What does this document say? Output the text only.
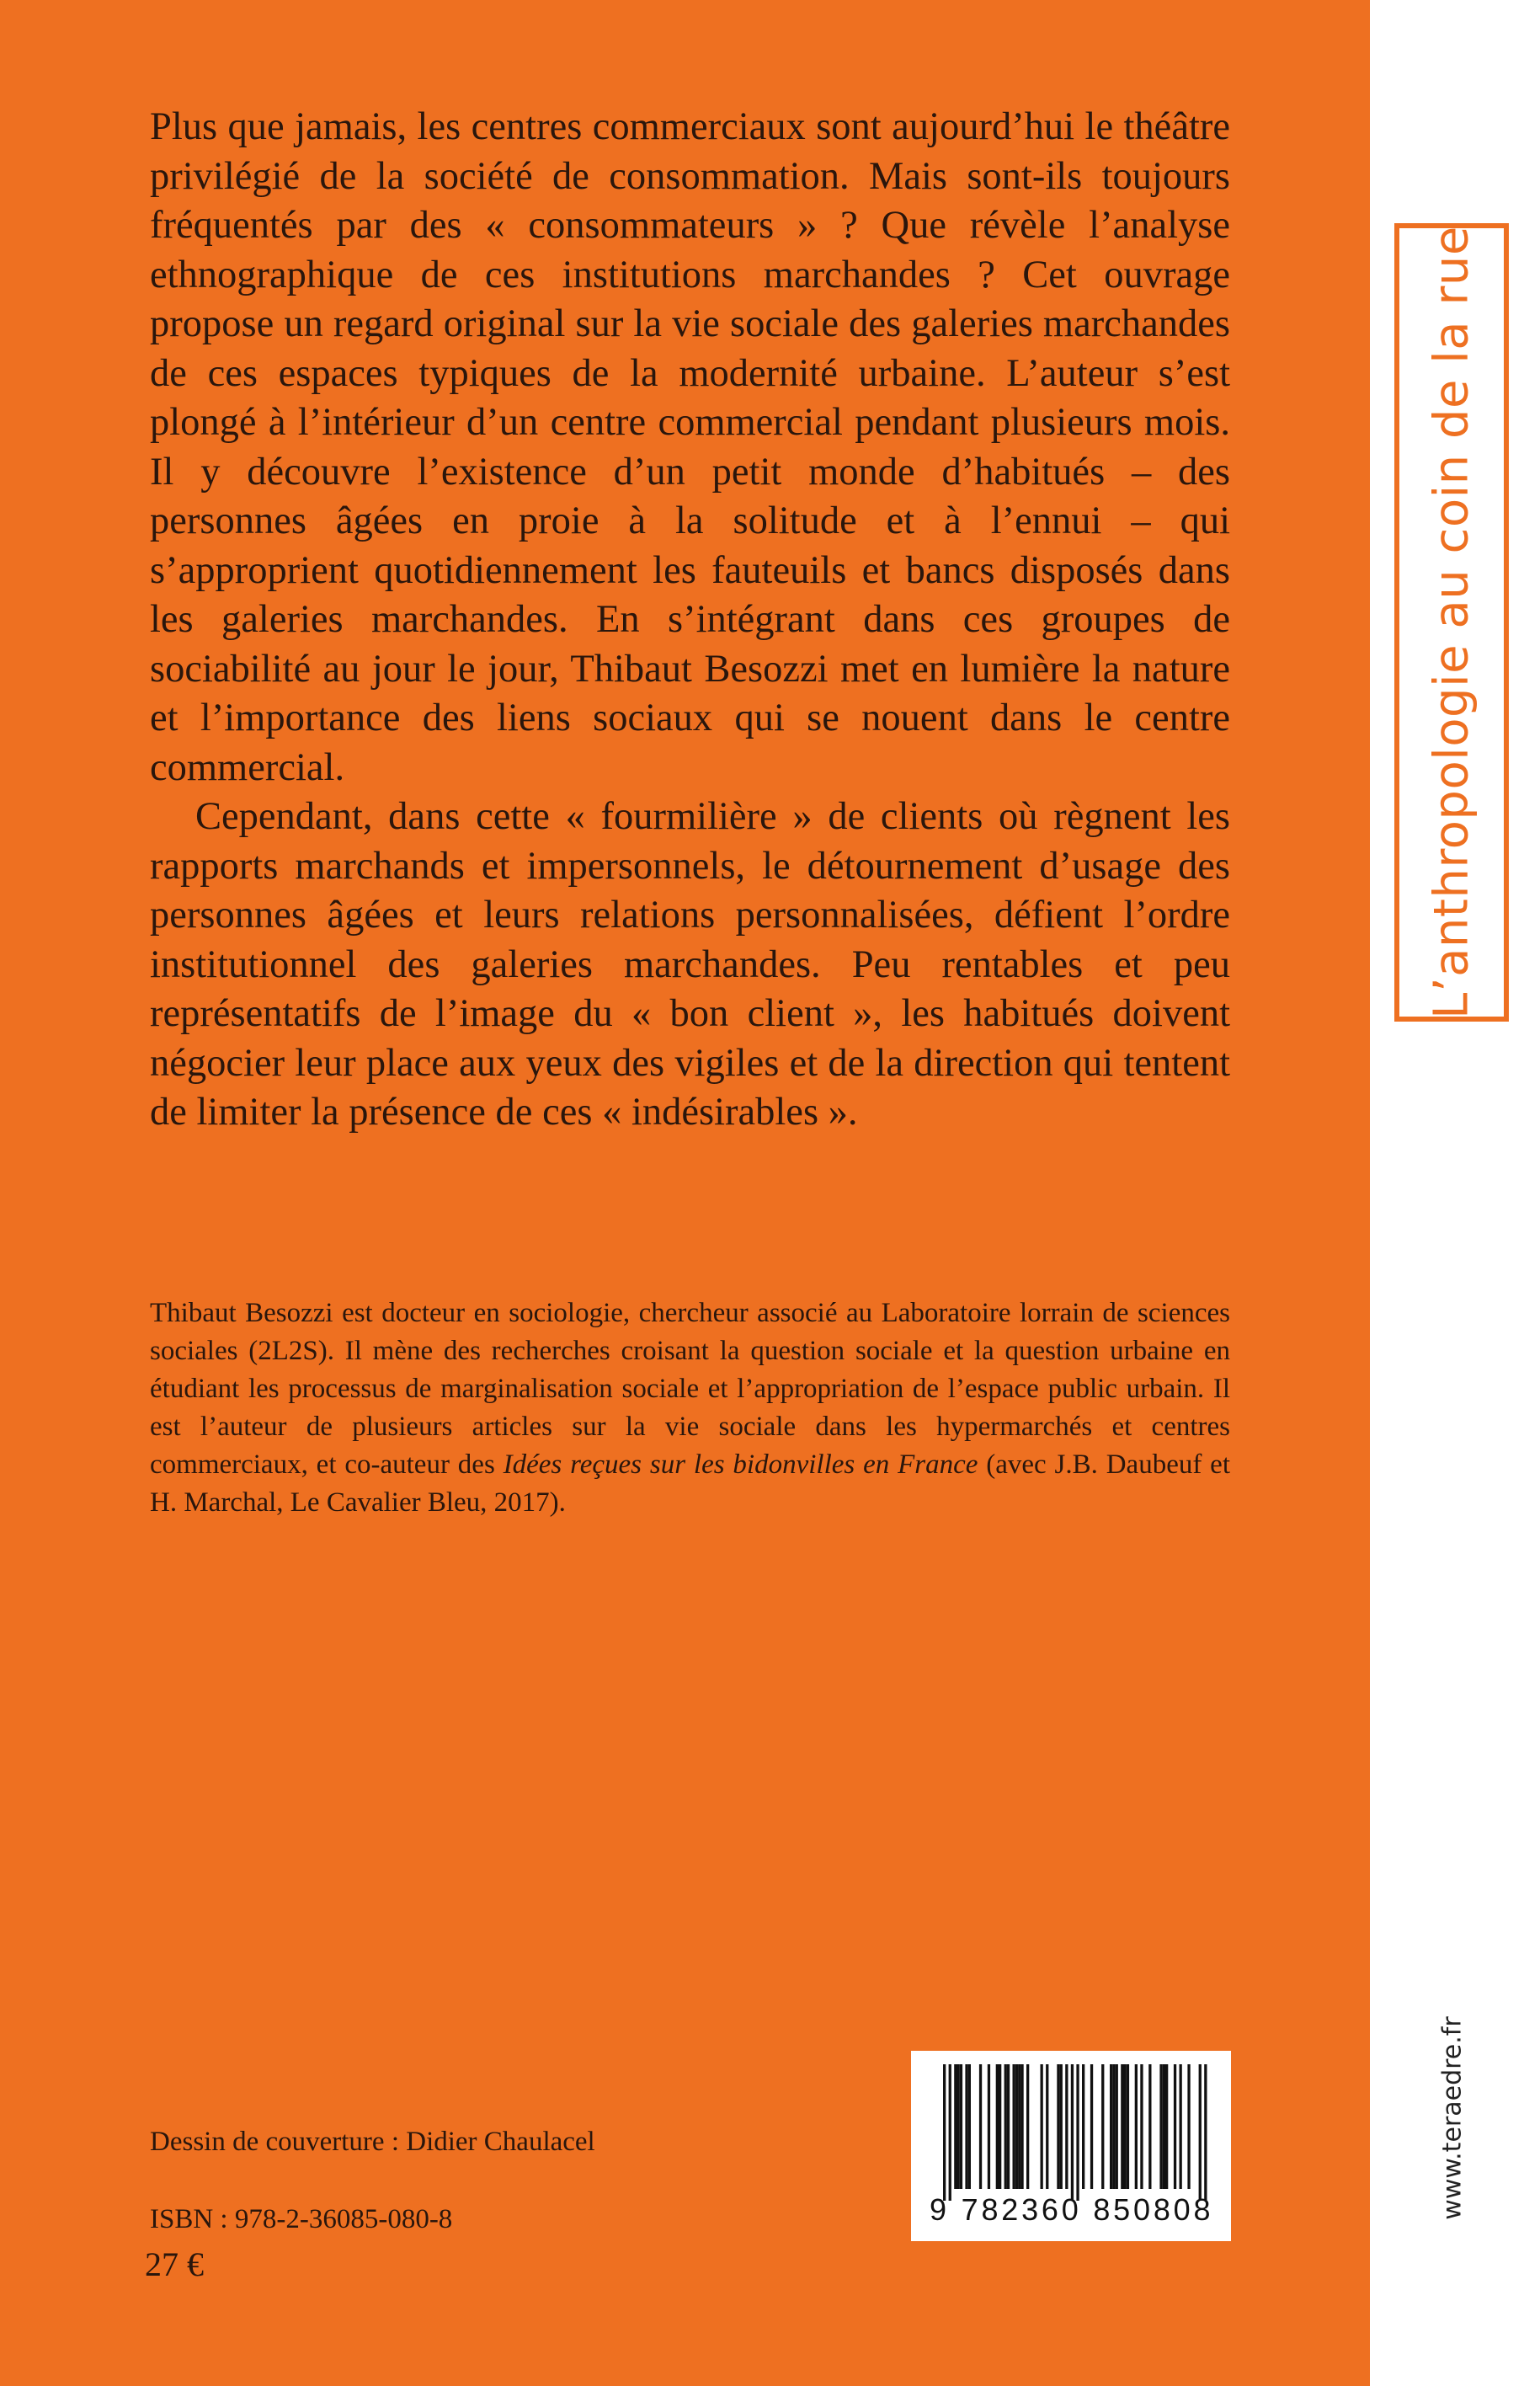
L’anthropologie au coin de la rue
www.teraedre.fr

Plus que jamais, les centres commerciaux sont aujourd’hui le théâtre privilégié de la société de consommation. Mais sont-ils toujours fréquentés par des « consommateurs » ? Que révèle l’analyse ethnographique de ces institutions marchandes ? Cet ouvrage propose un regard original sur la vie sociale des galeries marchandes de ces espaces typiques de la modernité urbaine. L’auteur s’est plongé à l’intérieur d’un centre commercial pendant plusieurs mois. Il y découvre l’existence d’un petit monde d’habitués – des personnes âgées en proie à la solitude et à l’ennui – qui s’approprient quotidiennement les fauteuils et bancs disposés dans les galeries marchandes. En s’intégrant dans ces groupes de sociabilité au jour le jour, Thibaut Besozzi met en lumière la nature et l’importance des liens sociaux qui se nouent dans le centre commercial.

Cependant, dans cette « fourmilière » de clients où règnent les rapports marchands et impersonnels, le détournement d’usage des personnes âgées et leurs relations personnalisées, défient l’ordre institutionnel des galeries marchandes. Peu rentables et peu représentatifs de l’image du « bon client », les habitués doivent négocier leur place aux yeux des vigiles et de la direction qui tentent de limiter la présence de ces « indésirables ».

Thibaut Besozzi est docteur en sociologie, chercheur associé au Laboratoire lorrain de sciences sociales (2L2S). Il mène des recherches croisant la question sociale et la question urbaine en étudiant les processus de marginalisation sociale et l’appropriation de l’espace public urbain. Il est l’auteur de plusieurs articles sur la vie sociale dans les hypermarchés et centres commerciaux, et co-auteur des Idées reçues sur les bidonvilles en France (avec J.B. Daubeuf et H. Marchal, Le Cavalier Bleu, 2017).

Dessin de couverture : Didier Chaulacel

ISBN : 978-2-36085-080-8

27 €

9 782360 850808
